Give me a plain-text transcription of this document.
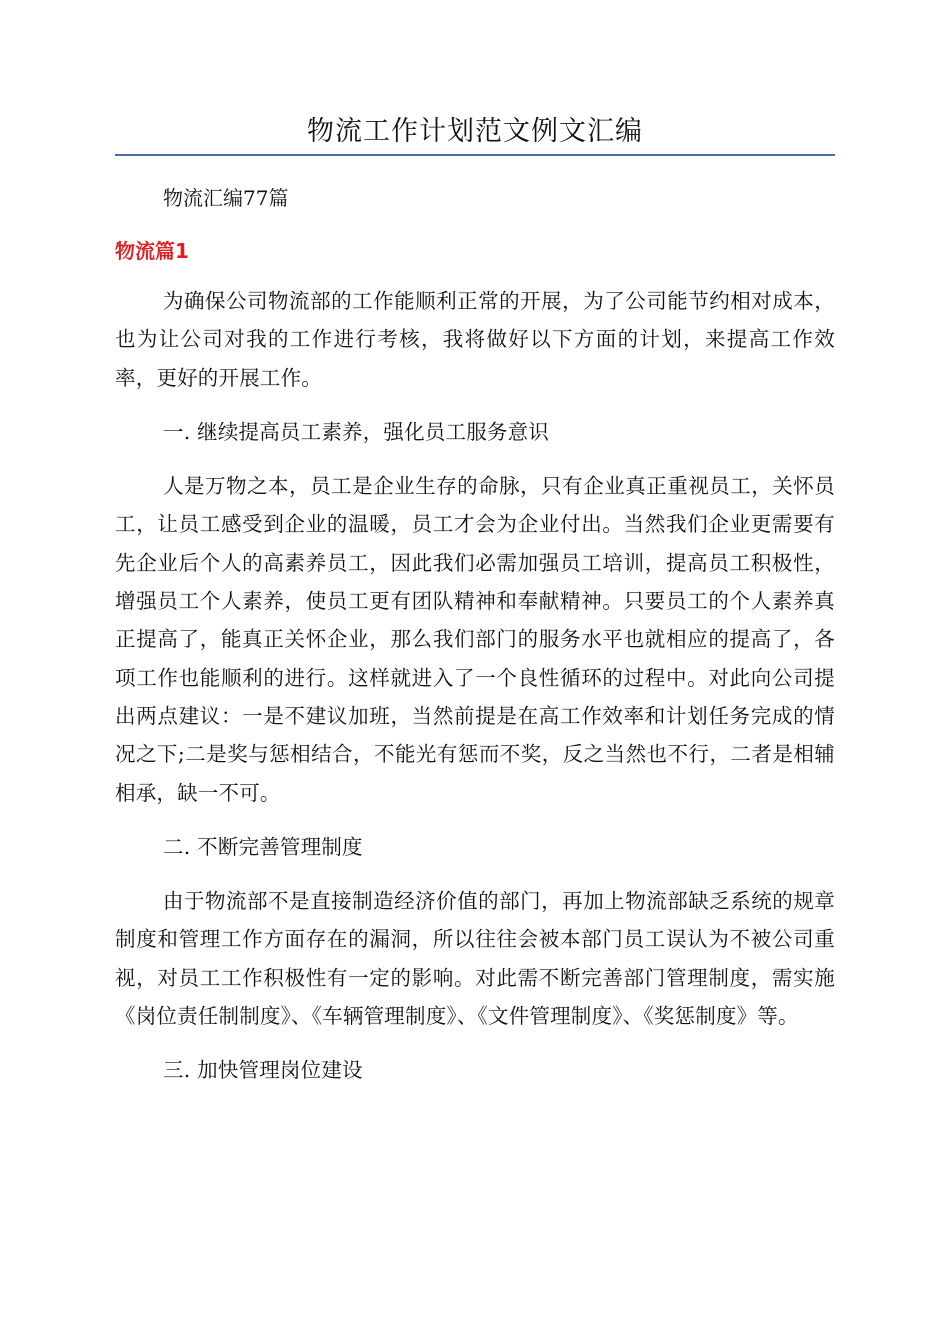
物流工作计划范文例文汇编
物流汇编77篇
物流篇1

为确保公司物流部的工作能顺利正常的开展，为了公司能节约相对成本，也为让公司对我的工作进行考核，我将做好以下方面的计划，来提高工作效率，更好的开展工作。

一. 继续提高员工素养，强化员工服务意识

人是万物之本，员工是企业生存的命脉，只有企业真正重视员工，关怀员工，让员工感受到企业的温暖，员工才会为企业付出。当然我们企业更需要有先企业后个人的高素养员工，因此我们必需加强员工培训，提高员工积极性，增强员工个人素养，使员工更有团队精神和奉献精神。只要员工的个人素养真正提高了，能真正关怀企业，那么我们部门的服务水平也就相应的提高了，各项工作也能顺利的进行。这样就进入了一个良性循环的过程中。对此向公司提出两点建议：一是不建议加班，当然前提是在高工作效率和计划任务完成的情况之下;二是奖与惩相结合，不能光有惩而不奖，反之当然也不行，二者是相辅相承，缺一不可。

二. 不断完善管理制度

由于物流部不是直接制造经济价值的部门，再加上物流部缺乏系统的规章制度和管理工作方面存在的漏洞，所以往往会被本部门员工误认为不被公司重视，对员工工作积极性有一定的影响。对此需不断完善部门管理制度，需实施《岗位责任制制度》、《车辆管理制度》、《文件管理制度》、《奖惩制度》等。

三. 加快管理岗位建设
